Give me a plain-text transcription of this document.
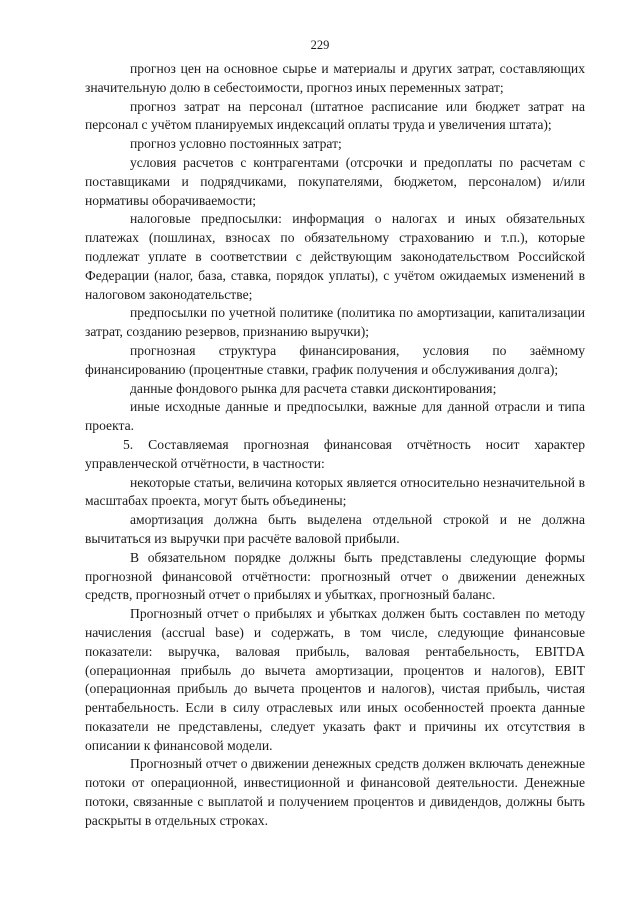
229

прогноз цен на основное сырье и материалы и других затрат, составляющих значительную долю в себестоимости, прогноз иных переменных затрат;

прогноз затрат на персонал (штатное расписание или бюджет затрат на персонал с учётом планируемых индексаций оплаты труда и увеличения штата);

прогноз условно постоянных затрат;

условия расчетов с контрагентами (отсрочки и предоплаты по расчетам с поставщиками и подрядчиками, покупателями, бюджетом, персоналом) и/или нормативы оборачиваемости;

налоговые предпосылки: информация о налогах и иных обязательных платежах (пошлинах, взносах по обязательному страхованию и т.п.), которые подлежат уплате в соответствии с действующим законодательством Российской Федерации (налог, база, ставка, порядок уплаты), с учётом ожидаемых изменений в налоговом законодательстве;

предпосылки по учетной политике (политика по амортизации, капитализации затрат, созданию резервов, признанию выручки);

прогнозная структура финансирования, условия по заёмному финансированию (процентные ставки, график получения и обслуживания долга);

данные фондового рынка для расчета ставки дисконтирования;

иные исходные данные и предпосылки, важные для данной отрасли и типа проекта.

5. Составляемая прогнозная финансовая отчётность носит характер управленческой отчётности, в частности:

некоторые статьи, величина которых является относительно незначительной в масштабах проекта, могут быть объединены;

амортизация должна быть выделена отдельной строкой и не должна вычитаться из выручки при расчёте валовой прибыли.

В обязательном порядке должны быть представлены следующие формы прогнозной финансовой отчётности: прогнозный отчет о движении денежных средств, прогнозный отчет о прибылях и убытках, прогнозный баланс.

Прогнозный отчет о прибылях и убытках должен быть составлен по методу начисления (accrual base) и содержать, в том числе, следующие финансовые показатели: выручка, валовая прибыль, валовая рентабельность, EBITDA (операционная прибыль до вычета амортизации, процентов и налогов), EBIT (операционная прибыль до вычета процентов и налогов), чистая прибыль, чистая рентабельность. Если в силу отраслевых или иных особенностей проекта данные показатели не представлены, следует указать факт и причины их отсутствия в описании к финансовой модели.

Прогнозный отчет о движении денежных средств должен включать денежные потоки от операционной, инвестиционной и финансовой деятельности. Денежные потоки, связанные с выплатой и получением процентов и дивидендов, должны быть раскрыты в отдельных строках.
